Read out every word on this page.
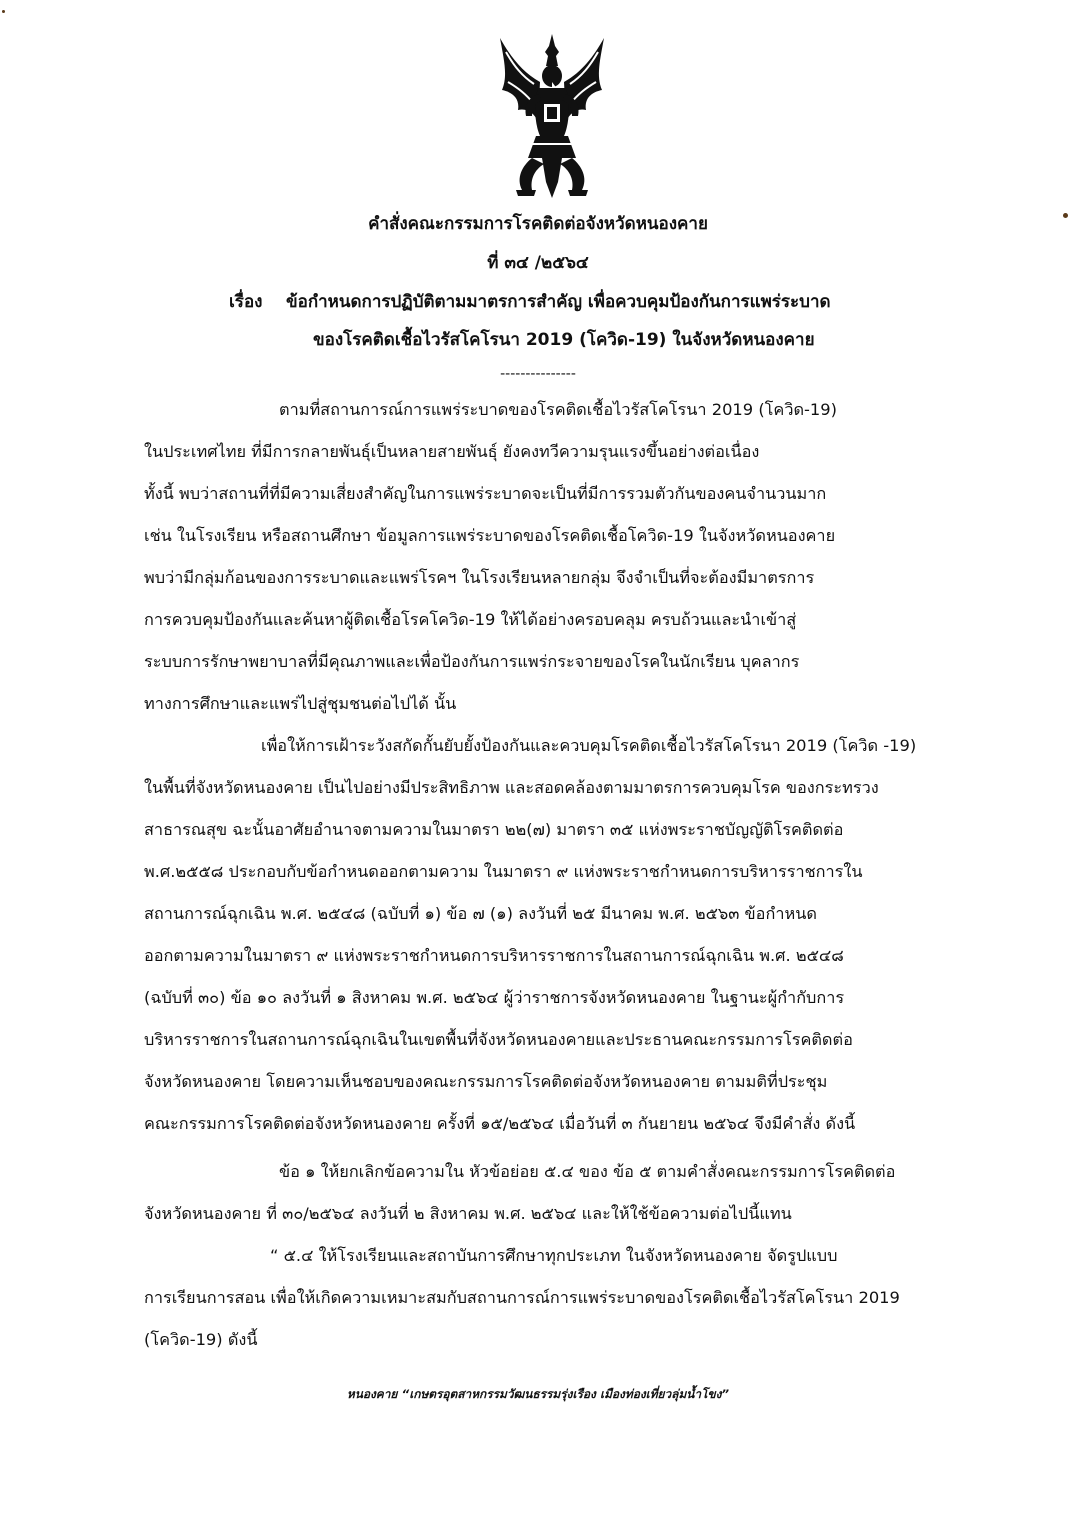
คำสั่งคณะกรรมการโรคติดต่อจังหวัดหนองคาย
ที่ ๓๔ /๒๕๖๔
เรื่อง ข้อกำหนดการปฏิบัติตามมาตรการสำคัญ เพื่อควบคุมป้องกันการแพร่ระบาด
ของโรคติดเชื้อไวรัสโคโรนา 2019 (โควิด-19) ในจังหวัดหนองคาย
---------------
ตามที่สถานการณ์การแพร่ระบาดของโรคติดเชื้อไวรัสโคโรนา 2019 (โควิด-19)
ในประเทศไทย ที่มีการกลายพันธุ์เป็นหลายสายพันธุ์ ยังคงทวีความรุนแรงขึ้นอย่างต่อเนื่อง
ทั้งนี้ พบว่าสถานที่ที่มีความเสี่ยงสำคัญในการแพร่ระบาดจะเป็นที่มีการรวมตัวกันของคนจำนวนมาก
เช่น ในโรงเรียน หรือสถานศึกษา ข้อมูลการแพร่ระบาดของโรคติดเชื้อโควิด-19 ในจังหวัดหนองคาย
พบว่ามีกลุ่มก้อนของการระบาดและแพร่โรคฯ ในโรงเรียนหลายกลุ่ม จึงจำเป็นที่จะต้องมีมาตรการ
การควบคุมป้องกันและค้นหาผู้ติดเชื้อโรคโควิด-19 ให้ได้อย่างครอบคลุม ครบถ้วนและนำเข้าสู่
ระบบการรักษาพยาบาลที่มีคุณภาพและเพื่อป้องกันการแพร่กระจายของโรคในนักเรียน บุคลากร
ทางการศึกษาและแพร่ไปสู่ชุมชนต่อไปได้ นั้น
เพื่อให้การเฝ้าระวังสกัดกั้นยับยั้งป้องกันและควบคุมโรคติดเชื้อไวรัสโคโรนา 2019 (โควิด -19)
ในพื้นที่จังหวัดหนองคาย เป็นไปอย่างมีประสิทธิภาพ และสอดคล้องตามมาตรการควบคุมโรค ของกระทรวง
สาธารณสุข ฉะนั้นอาศัยอำนาจตามความในมาตรา ๒๒(๗) มาตรา ๓๕ แห่งพระราชบัญญัติโรคติดต่อ
พ.ศ.๒๕๕๘ ประกอบกับข้อกำหนดออกตามความ ในมาตรา ๙ แห่งพระราชกำหนดการบริหารราชการใน
สถานการณ์ฉุกเฉิน พ.ศ. ๒๕๔๘ (ฉบับที่ ๑) ข้อ ๗ (๑) ลงวันที่ ๒๕ มีนาคม พ.ศ. ๒๕๖๓ ข้อกำหนด
ออกตามความในมาตรา ๙ แห่งพระราชกำหนดการบริหารราชการในสถานการณ์ฉุกเฉิน พ.ศ. ๒๕๔๘
(ฉบับที่ ๓๐) ข้อ ๑๐ ลงวันที่ ๑ สิงหาคม พ.ศ. ๒๕๖๔ ผู้ว่าราชการจังหวัดหนองคาย ในฐานะผู้กำกับการ
บริหารราชการในสถานการณ์ฉุกเฉินในเขตพื้นที่จังหวัดหนองคายและประธานคณะกรรมการโรคติดต่อ
จังหวัดหนองคาย โดยความเห็นชอบของคณะกรรมการโรคติดต่อจังหวัดหนองคาย ตามมติที่ประชุม
คณะกรรมการโรคติดต่อจังหวัดหนองคาย ครั้งที่ ๑๕/๒๕๖๔ เมื่อวันที่ ๓ กันยายน ๒๕๖๔ จึงมีคำสั่ง ดังนี้
ข้อ ๑ ให้ยกเลิกข้อความใน หัวข้อย่อย ๕.๔ ของ ข้อ ๕ ตามคำสั่งคณะกรรมการโรคติดต่อ
จังหวัดหนองคาย ที่ ๓๐/๒๕๖๔ ลงวันที่ ๒ สิงหาคม พ.ศ. ๒๕๖๔ และให้ใช้ข้อความต่อไปนี้แทน
“ ๕.๔ ให้โรงเรียนและสถาบันการศึกษาทุกประเภท ในจังหวัดหนองคาย จัดรูปแบบ
การเรียนการสอน เพื่อให้เกิดความเหมาะสมกับสถานการณ์การแพร่ระบาดของโรคติดเชื้อไวรัสโคโรนา 2019
(โควิด-19) ดังนี้
หนองคาย “เกษตรอุตสาหกรรมวัฒนธรรมรุ่งเรือง เมืองท่องเที่ยวลุ่มน้ำโขง”
